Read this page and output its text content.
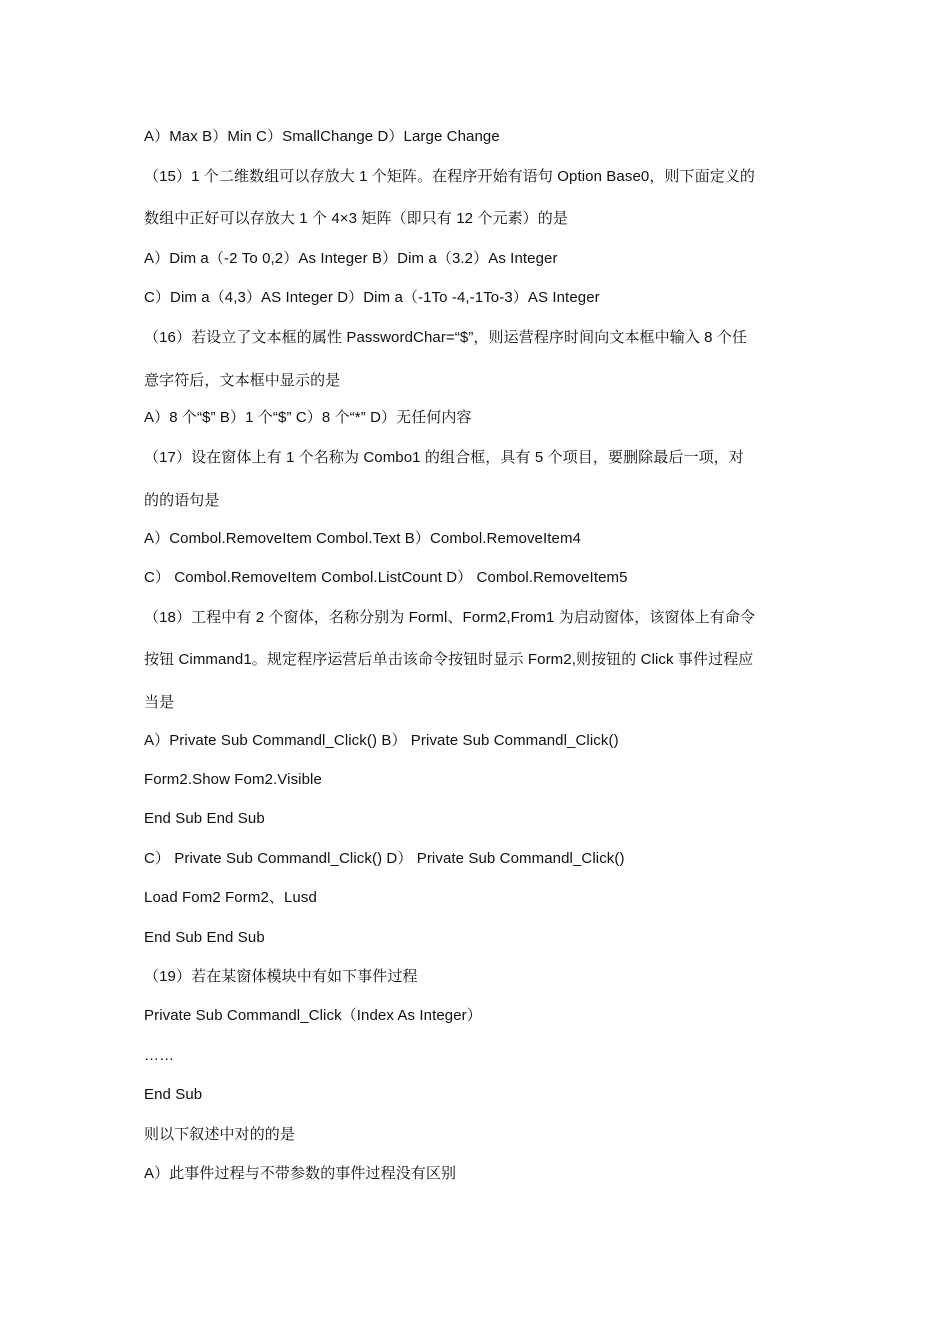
A）Max B）Min C）SmallChange D）Large Change
（15）1 个二维数组可以存放大 1 个矩阵。在程序开始有语句 Option Base0，则下面定义的
数组中正好可以存放大 1 个 4×3 矩阵（即只有 12 个元素）的是
A）Dim a（-2 To 0,2）As Integer B）Dim a（3.2）As Integer
C）Dim a（4,3）AS Integer D）Dim a（-1To -4,-1To-3）AS Integer
（16）若设立了文本框的属性 PasswordChar=“$”，则运营程序时间向文本框中输入 8 个任
意字符后，文本框中显示的是
A）8 个“$” B）1 个“$” C）8 个“*” D）无任何内容
（17）设在窗体上有 1 个名称为 Combo1 的组合框，具有 5 个项目，要删除最后一项，对
的的语句是
A）Combol.RemoveItem Combol.Text B）Combol.RemoveItem4
C） Combol.RemoveItem Combol.ListCount D） Combol.RemoveItem5
（18）工程中有 2 个窗体，名称分别为 Forml、Form2,From1 为启动窗体，该窗体上有命令
按钮 Cimmand1。规定程序运营后单击该命令按钮时显示 Form2,则按钮的 Click 事件过程应
当是
A）Private Sub Commandl_Click() B） Private Sub Commandl_Click()
Form2.Show Fom2.Visible
End Sub End Sub
C） Private Sub Commandl_Click() D） Private Sub Commandl_Click()
Load Fom2 Form2、Lusd
End Sub End Sub
（19）若在某窗体模块中有如下事件过程
Private Sub Commandl_Click（Index As Integer）
……
End Sub
则以下叙述中对的的是
A）此事件过程与不带参数的事件过程没有区别
